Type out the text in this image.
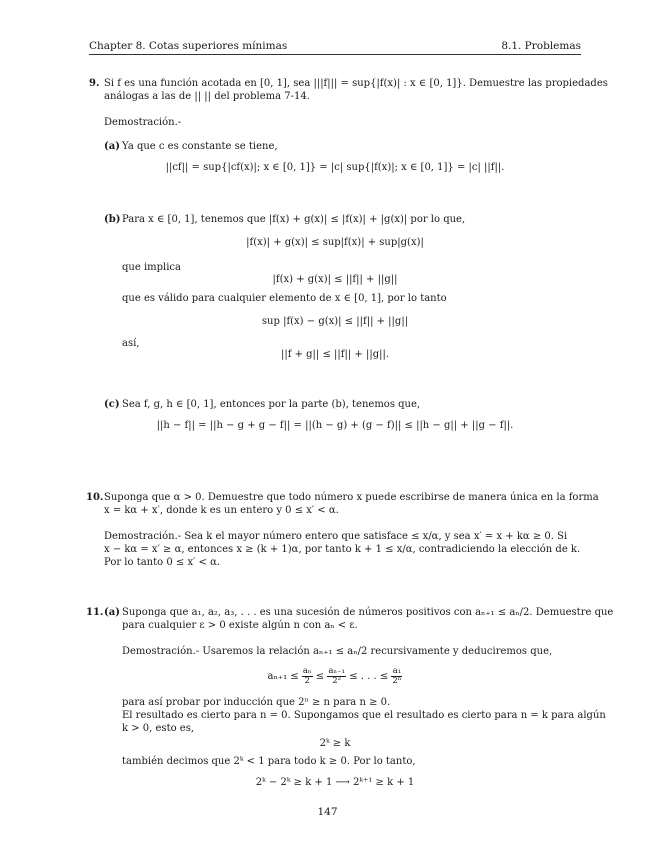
Chapter 8. Cotas superiores mínimas	8.1. Problemas
9. Si f es una función acotada en [0, 1], sea |||f||| = sup{|f(x)| : x ∈ [0, 1]}. Demuestre las propiedades
análogas a las de || || del problema 7-14.
Demostración.-
(a) Ya que c es constante se tiene,
||cf|| = sup{|cf(x)|; x ∈ [0, 1]} = |c| sup{|f(x)|; x ∈ [0, 1]} = |c| ||f||.
(b) Para x ∈ [0, 1], tenemos que |f(x) + g(x)| ≤ |f(x)| + |g(x)| por lo que,
|f(x)| + g(x)| ≤ sup|f(x)| + sup|g(x)|
que implica
|f(x) + g(x)| ≤ ||f|| + ||g||
que es válido para cualquier elemento de x ∈ [0, 1], por lo tanto
sup |f(x) − g(x)| ≤ ||f|| + ||g||
así,
||f + g|| ≤ ||f|| + ||g||.
(c) Sea f, g, h ∈ [0, 1], entonces por la parte (b), tenemos que,
||h − f|| = ||h − g + g − f|| = ||(h − g) + (g − f)|| ≤ ||h − g|| + ||g − f||.
10. Suponga que α > 0. Demuestre que todo número x puede escribirse de manera única en la forma
x = kα + x′, donde k es un entero y 0 ≤ x′ < α.
Demostración.- Sea k el mayor número entero que satisface ≤ x/α, y sea x′ = x + kα ≥ 0. Si
x − kα = x′ ≥ α, entonces x ≥ (k + 1)α, por tanto k + 1 ≤ x/α, contradiciendo la elección de k.
Por lo tanto 0 ≤ x′ < α.
11. (a) Suponga que a₁, a₂, a₃, . . . es una sucesión de números positivos con aₙ₊₁ ≤ aₙ/2. Demuestre que
para cualquier ε > 0 existe algún n con aₙ < ε.
Demostración.- Usaremos la relación aₙ₊₁ ≤ aₙ/2 recursivamente y deduciremos que,
$a_{n+1} \le \frac{\text{aₙ}}{2} \le \frac{\text{aₙ₋₁}}{\text{2²}}$ ≤ . . . ≤ $\frac{\text{a₁}}{\text{2ⁿ}}$
para así probar por inducción que 2ⁿ ≥ n para n ≥ 0.
El resultado es cierto para n = 0. Supongamos que el resultado es cierto para n = k para algún
k > 0, esto es,
2ᵏ ≥ k
también decimos que 2ᵏ < 1 para todo k ≥ 0. Por lo tanto,
2ᵏ − 2ᵏ ≥ k + 1 ⟶ 2ᵏ⁺¹ ≥ k + 1
147
